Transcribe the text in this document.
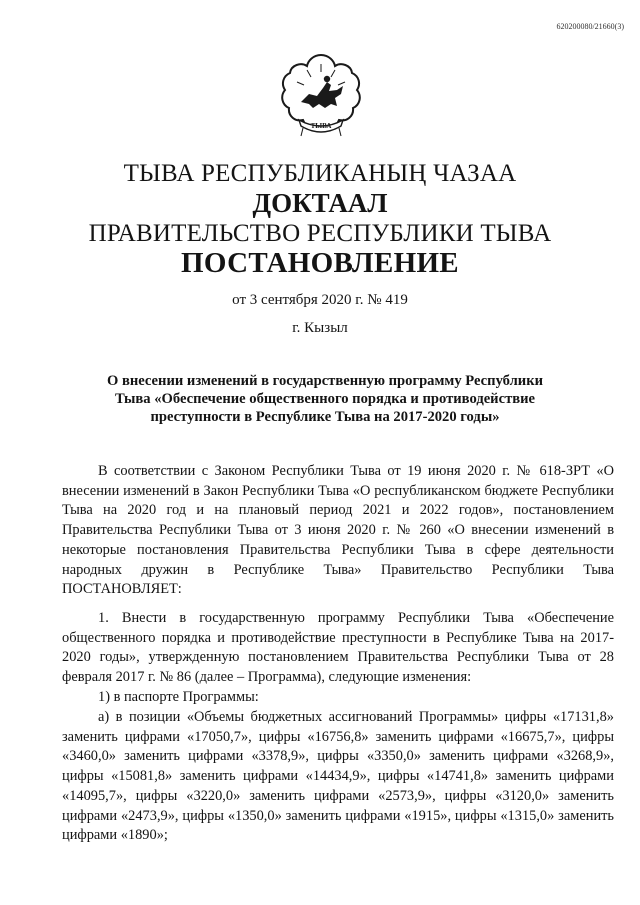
620200080/21660(3)
ТЫВА
ТЫВА РЕСПУБЛИКАНЫҢ ЧАЗАА
ДОКТААЛ
ПРАВИТЕЛЬСТВО РЕСПУБЛИКИ ТЫВА
ПОСТАНОВЛЕНИЕ
от 3 сентября 2020 г. № 419
г. Кызыл
О внесении изменений в государственную программу Республики Тыва «Обеспечение общественного порядка и противодействие преступности в Республике Тыва на 2017-2020 годы»

В соответствии с Законом Республики Тыва от 19 июня 2020 г. № 618-ЗРТ «О внесении изменений в Закон Республики Тыва «О республиканском бюджете Республики Тыва на 2020 год и на плановый период 2021 и 2022 годов», постановлением Правительства Республики Тыва от 3 июня 2020 г. № 260 «О внесении изменений в некоторые постановления Правительства Республики Тыва в сфере деятельности народных дружин в Республике Тыва» Правительство Республики Тыва ПОСТАНОВЛЯЕТ:

1. Внести в государственную программу Республики Тыва «Обеспечение общественного порядка и противодействие преступности в Республике Тыва на 2017-2020 годы», утвержденную постановлением Правительства Республики Тыва от 28 февраля 2017 г. № 86 (далее – Программа), следующие изменения:

1) в паспорте Программы:

а) в позиции «Объемы бюджетных ассигнований Программы» цифры «17131,8» заменить цифрами «17050,7», цифры «16756,8» заменить цифрами «16675,7», цифры «3460,0» заменить цифрами «3378,9», цифры «3350,0» заменить цифрами «3268,9», цифры «15081,8» заменить цифрами «14434,9», цифры «14741,8» заменить цифрами «14095,7», цифры «3220,0» заменить цифрами «2573,9», цифры «3120,0» заменить цифрами «2473,9», цифры «1350,0» заменить цифрами «1915», цифры «1315,0» заменить цифрами «1890»;
